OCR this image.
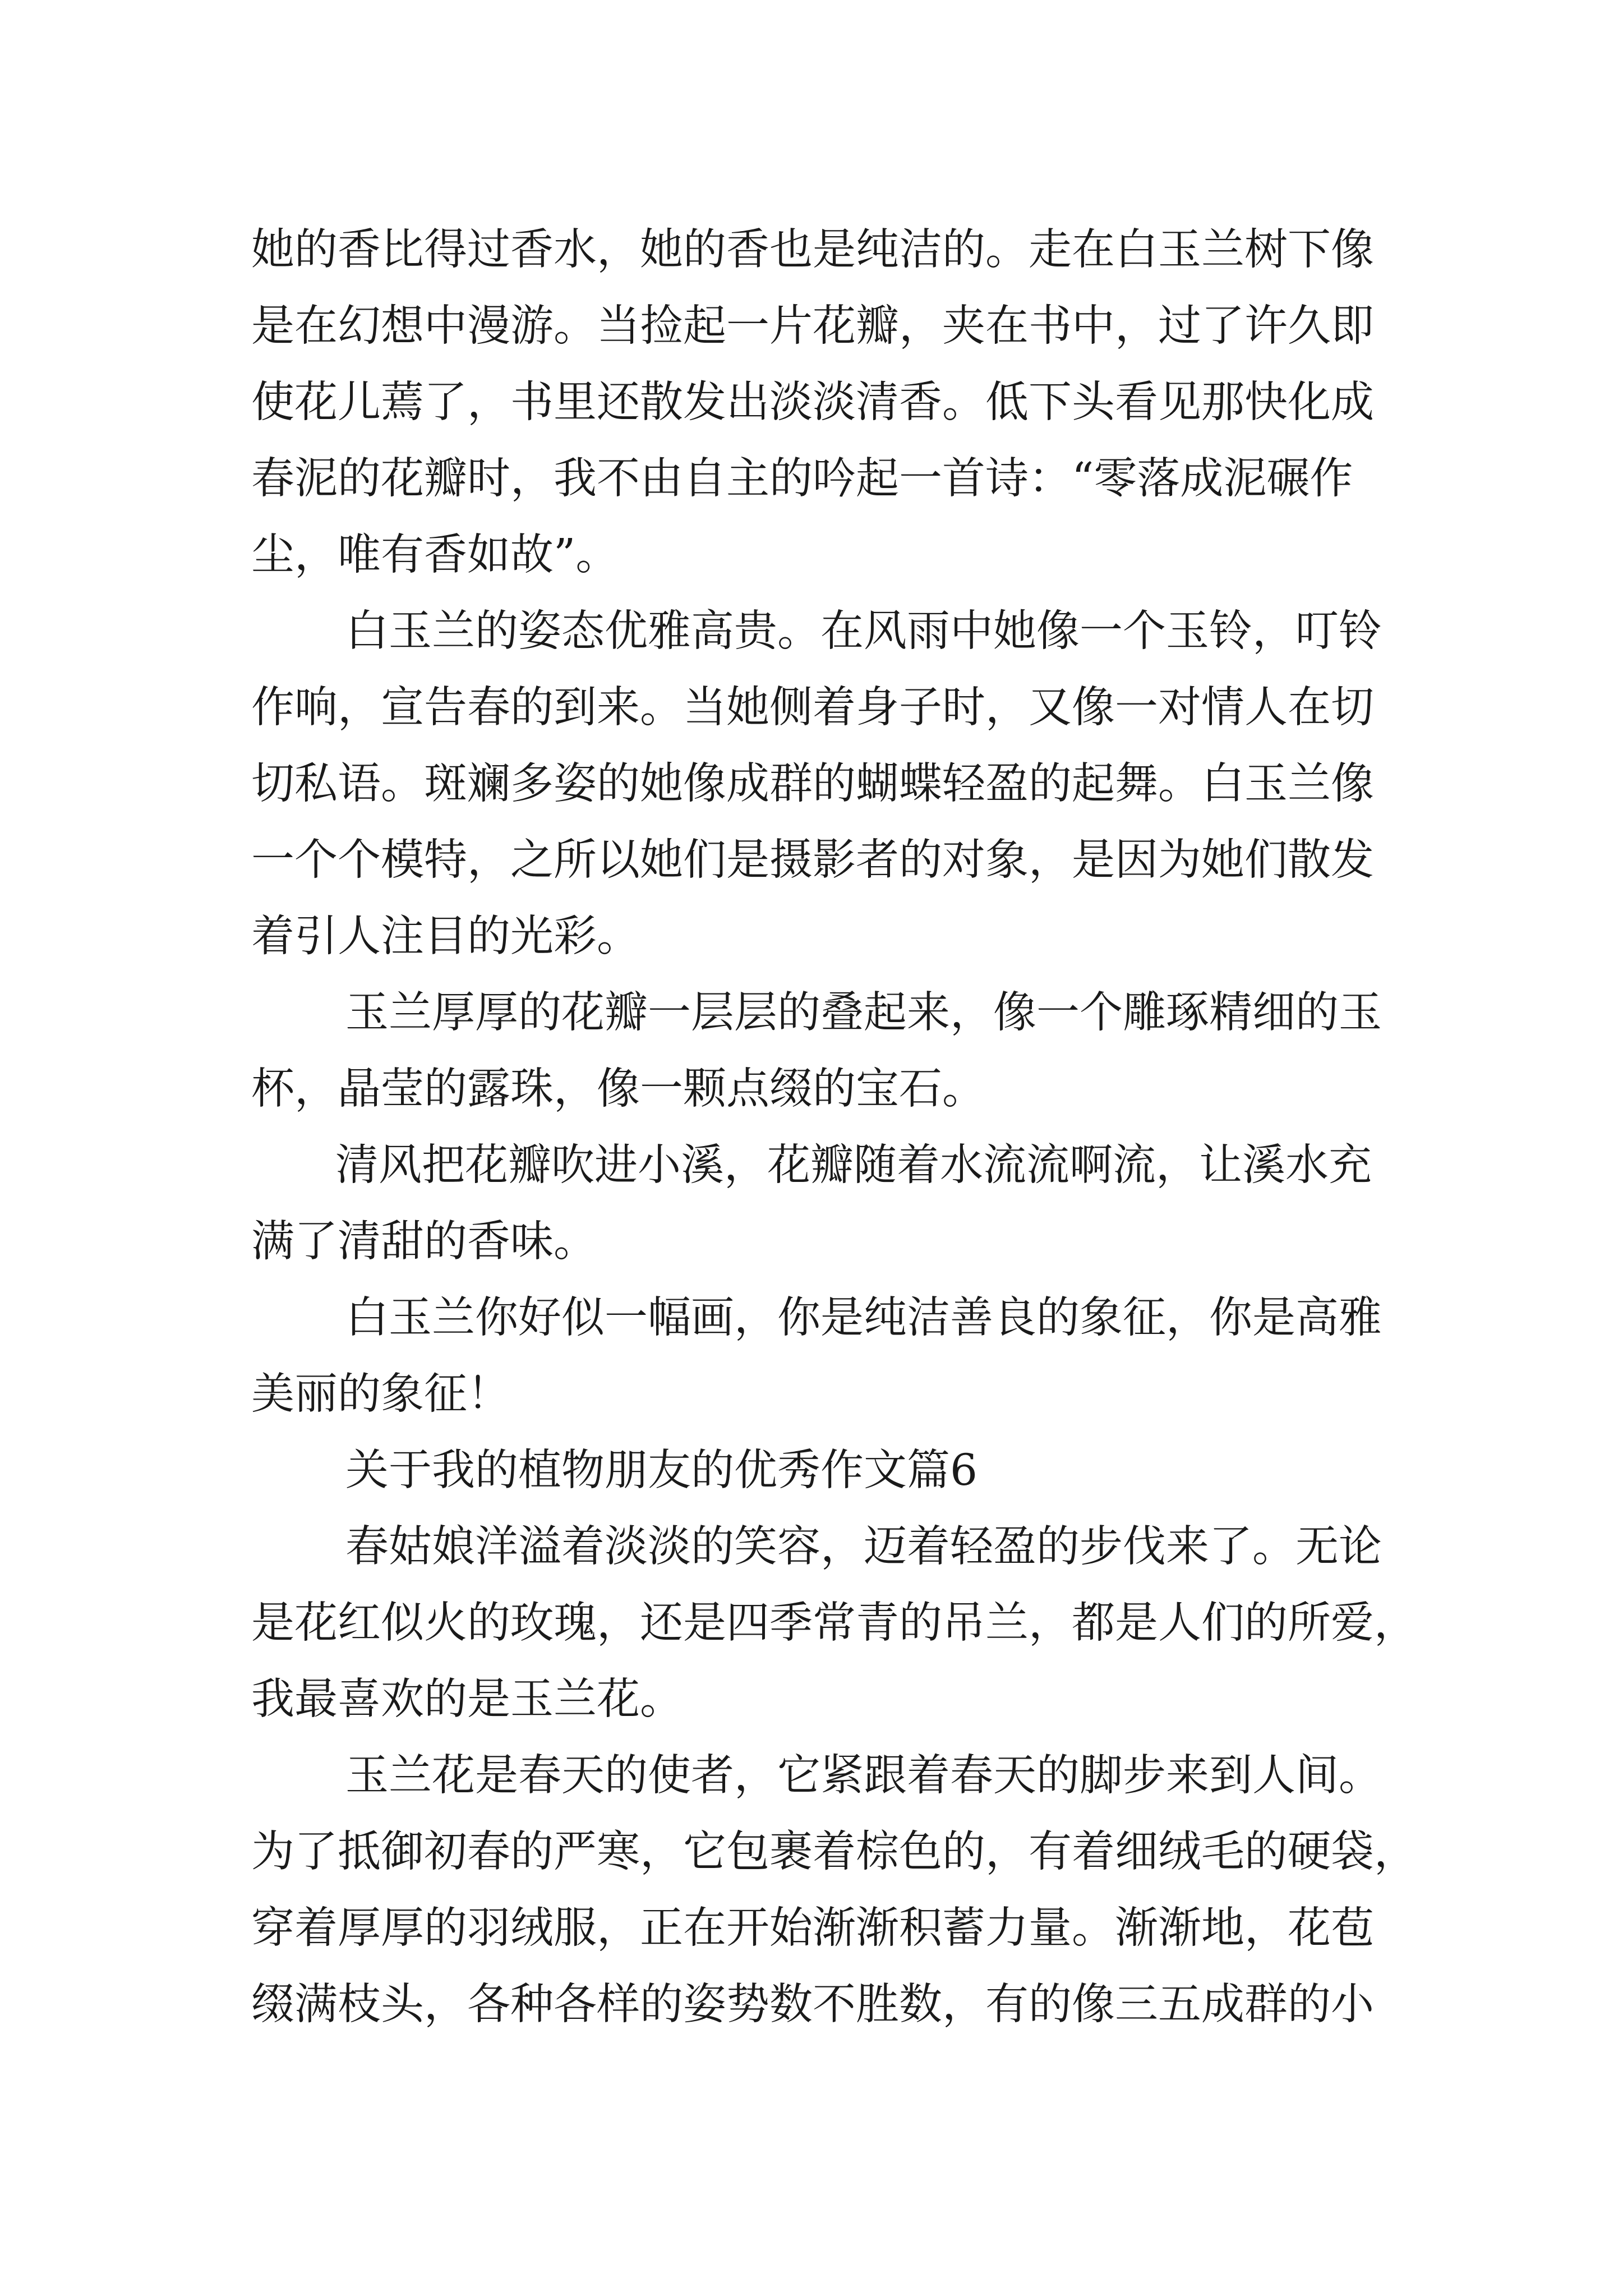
她的香比得过香水，她的香也是纯洁的。走在白玉兰树下像
是在幻想中漫游。当捡起一片花瓣，夹在书中，过了许久即
使花儿蔫了，书里还散发出淡淡清香。低下头看见那快化成
春泥的花瓣时，我不由自主的吟起一首诗：“零落成泥碾作
尘，唯有香如故”。

白玉兰的姿态优雅高贵。在风雨中她像一个玉铃，叮铃
作响，宣告春的到来。当她侧着身子时，又像一对情人在切
切私语。斑斓多姿的她像成群的蝴蝶轻盈的起舞。白玉兰像
一个个模特，之所以她们是摄影者的对象，是因为她们散发
着引人注目的光彩。

玉兰厚厚的花瓣一层层的叠起来，像一个雕琢精细的玉
杯，晶莹的露珠，像一颗点缀的宝石。

清风把花瓣吹进小溪，花瓣随着水流流啊流，让溪水充
满了清甜的香味。

白玉兰你好似一幅画，你是纯洁善良的象征，你是高雅
美丽的象征！

关于我的植物朋友的优秀作文篇6

春姑娘洋溢着淡淡的笑容，迈着轻盈的步伐来了。无论
是花红似火的玫瑰，还是四季常青的吊兰，都是人们的所爱，
我最喜欢的是玉兰花。

玉兰花是春天的使者，它紧跟着春天的脚步来到人间。
为了抵御初春的严寒，它包裹着棕色的，有着细绒毛的硬袋，
穿着厚厚的羽绒服，正在开始渐渐积蓄力量。渐渐地，花苞
缀满枝头，各种各样的姿势数不胜数，有的像三五成群的小
